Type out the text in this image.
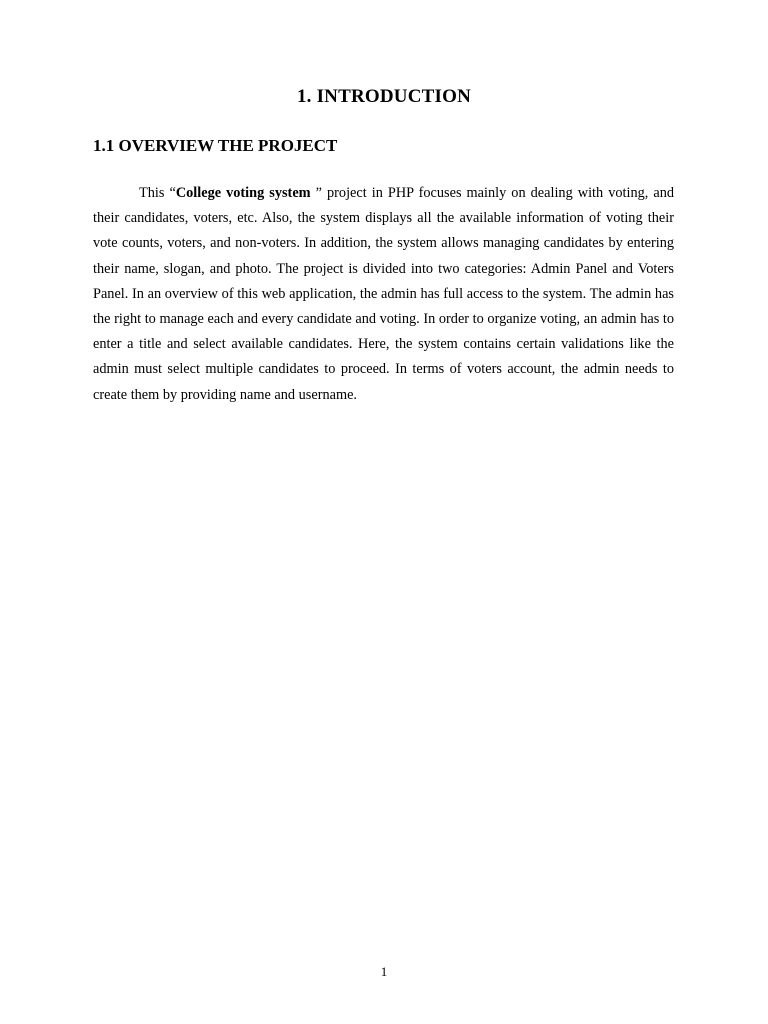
1. INTRODUCTION
1.1 OVERVIEW THE PROJECT

This “College voting system ” project in PHP focuses mainly on dealing with voting, and their candidates, voters, etc. Also, the system displays all the available information of voting their vote counts, voters, and non-voters. In addition, the system allows managing candidates by entering their name, slogan, and photo. The project is divided into two categories: Admin Panel and Voters Panel. In an overview of this web application, the admin has full access to the system. The admin has the right to manage each and every candidate and voting. In order to organize voting, an admin has to enter a title and select available candidates. Here, the system contains certain validations like the admin must select multiple candidates to proceed. In terms of voters account, the admin needs to create them by providing name and username.

1
